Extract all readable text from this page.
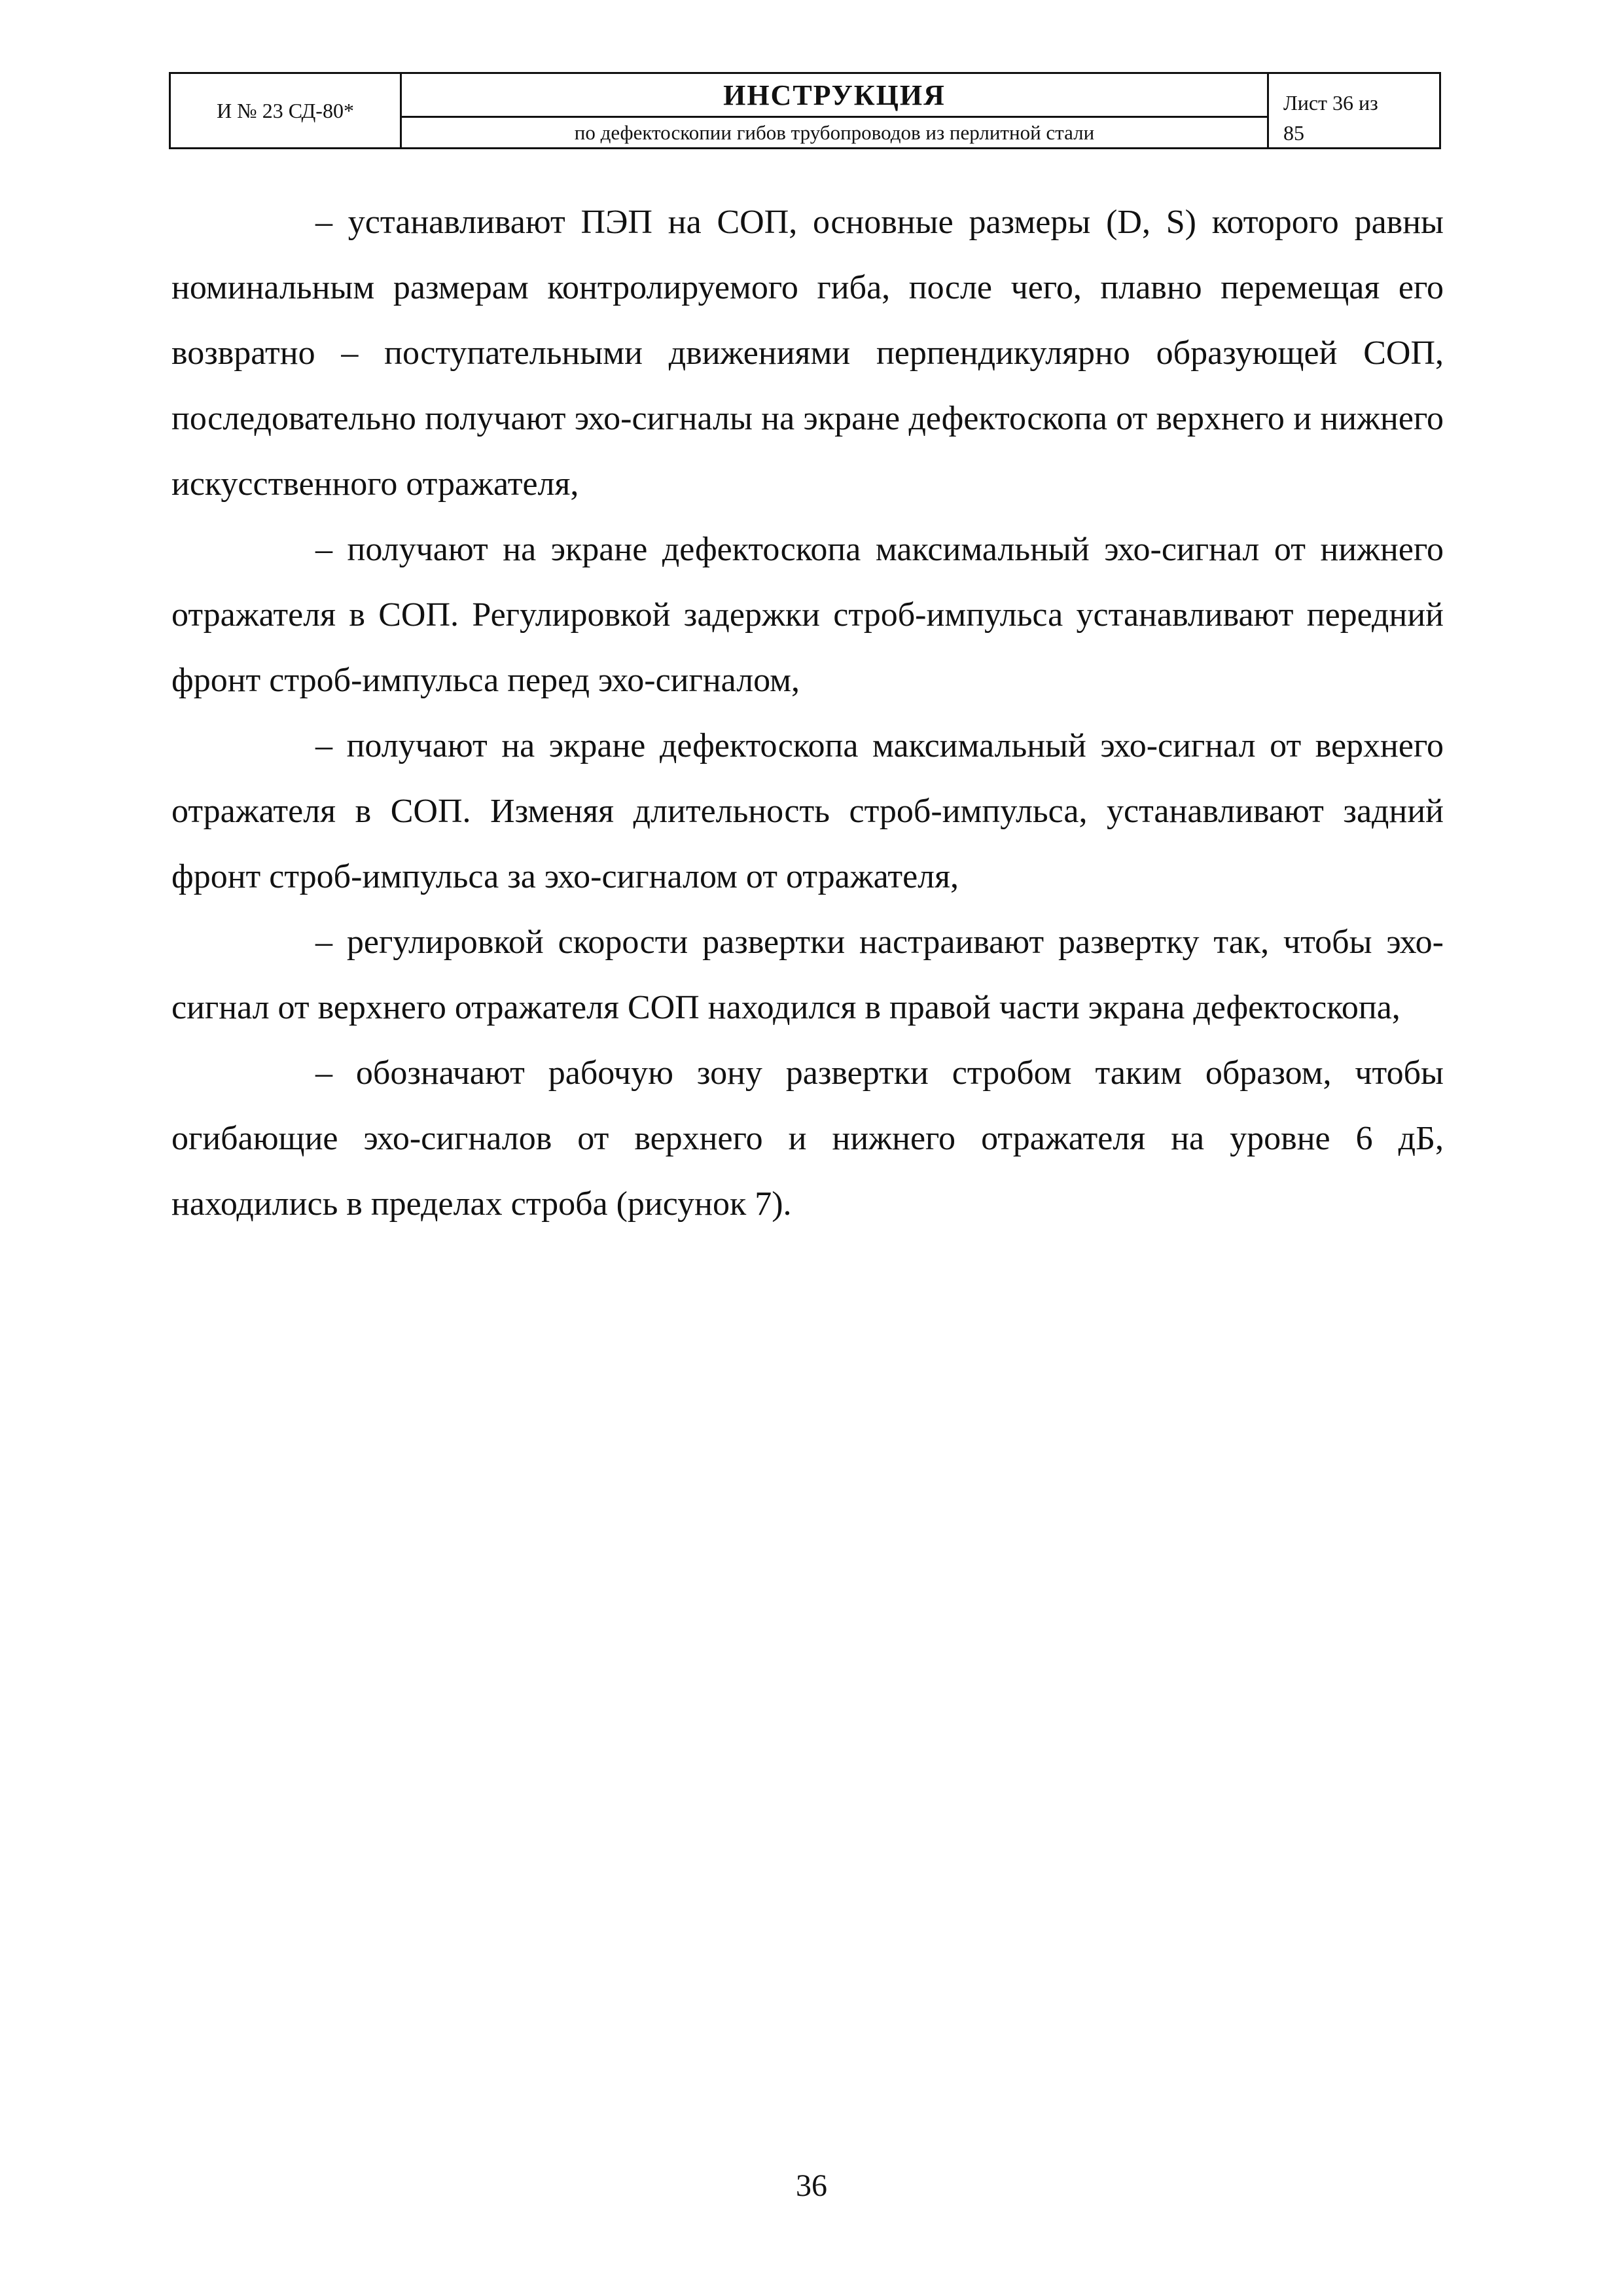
И № 23 СД-80*	ИНСТРУКЦИЯ
по дефектоскопии гибов трубопроводов из перлитной стали
Лист 36 из
85

– устанавливают ПЭП на СОП, основные размеры (D, S) которого равны номинальным размерам контролируемого гиба, после чего, плавно перемещая его возвратно – поступательными движениями перпендикулярно образующей СОП, последовательно получают эхо-сигналы на экране дефектоскопа от верхнего и нижнего искусственного отражателя,

– получают на экране дефектоскопа максимальный эхо-сигнал от нижнего отражателя в СОП. Регулировкой задержки строб-импульса устанавливают передний фронт строб-импульса перед эхо-сигналом,

– получают на экране дефектоскопа максимальный эхо-сигнал от верхнего отражателя в СОП. Изменяя длительность строб-импульса, устанавливают задний фронт строб-импульса за эхо-сигналом от отражателя,

– регулировкой скорости развертки настраивают развертку так, чтобы эхо-сигнал от верхнего отражателя СОП находился в правой части экрана дефектоскопа,

– обозначают рабочую зону развертки стробом таким образом, чтобы огибающие эхо-сигналов от верхнего и нижнего отражателя на уровне 6 дБ, находились в пределах строба (рисунок 7).

36
